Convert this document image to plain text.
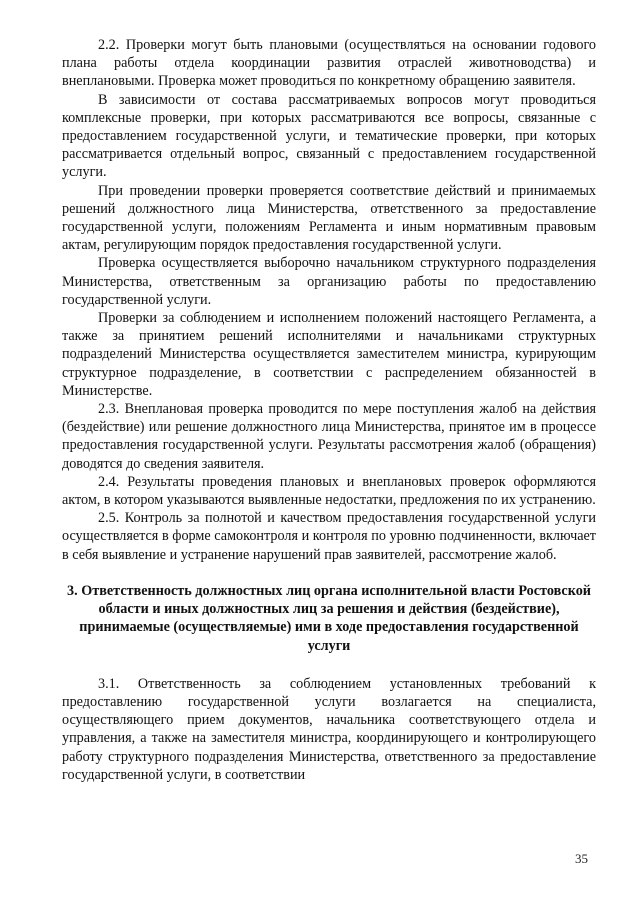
2.2. Проверки могут быть плановыми (осуществляться на основании годового плана работы отдела координации развития отраслей животноводства) и внеплановыми. Проверка может проводиться по конкретному обращению заявителя.

В зависимости от состава рассматриваемых вопросов могут проводиться комплексные проверки, при которых рассматриваются все вопросы, связанные с предоставлением государственной услуги, и тематические проверки, при которых рассматривается отдельный вопрос, связанный с предоставлением государственной услуги.

При проведении проверки проверяется соответствие действий и принимаемых решений должностного лица Министерства, ответственного за предоставление государственной услуги, положениям Регламента и иным нормативным правовым актам, регулирующим порядок предоставления государственной услуги.

Проверка осуществляется выборочно начальником структурного подразделения Министерства, ответственным за организацию работы по предоставлению государственной услуги.

Проверки за соблюдением и исполнением положений настоящего Регламента, а также за принятием решений исполнителями и начальниками структурных подразделений Министерства осуществляется заместителем министра, курирующим структурное подразделение, в соответствии с распределением обязанностей в Министерстве.

2.3. Внеплановая проверка проводится по мере поступления жалоб на действия (бездействие) или решение должностного лица Министерства, принятое им в процессе предоставления государственной услуги. Результаты рассмотрения жалоб (обращения) доводятся до сведения заявителя.

2.4. Результаты проведения плановых и внеплановых проверок оформляются актом, в котором указываются выявленные недостатки, предложения по их устранению.

2.5. Контроль за полнотой и качеством предоставления государственной услуги осуществляется в форме самоконтроля и контроля по уровню подчиненности, включает в себя выявление и устранение нарушений прав заявителей, рассмотрение жалоб.

3. Ответственность должностных лиц органа исполнительной власти Ростовской области и иных должностных лиц за решения и действия (бездействие), принимаемые (осуществляемые) ими в ходе предоставления государственной услуги

3.1. Ответственность за соблюдением установленных требований к предоставлению государственной услуги возлагается на специалиста, осуществляющего прием документов, начальника соответствующего отдела и управления, а также на заместителя министра, координирующего и контролирующего работу структурного подразделения Министерства, ответственного за предоставление государственной услуги, в соответствии

35
